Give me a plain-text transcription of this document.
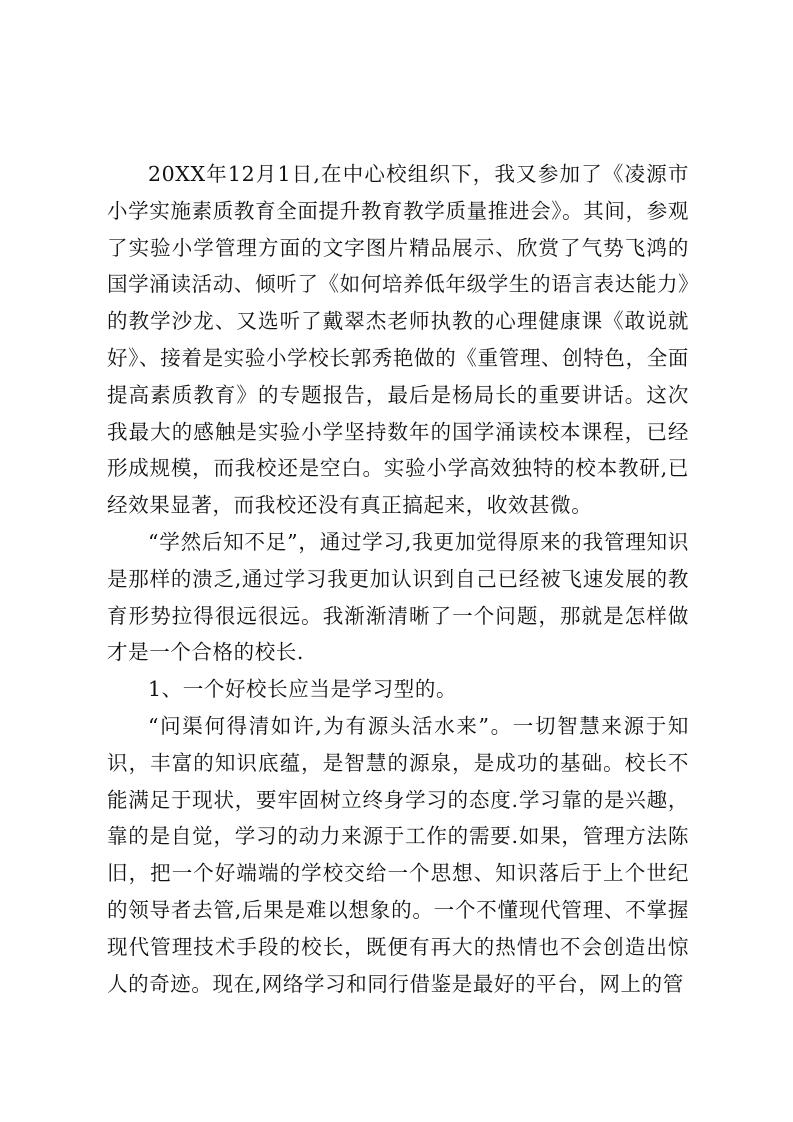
20XX年12月1日,在中心校组织下，我又参加了《凌源市小学实施素质教育全面提升教育教学质量推进会》。其间，参观了实验小学管理方面的文字图片精品展示、欣赏了气势飞鸿的国学涌读活动、倾听了《如何培养低年级学生的语言表达能力》的教学沙龙、又选听了戴翠杰老师执教的心理健康课《敢说就好》、接着是实验小学校长郭秀艳做的《重管理、创特色，全面提高素质教育》的专题报告，最后是杨局长的重要讲话。这次我最大的感触是实验小学坚持数年的国学涌读校本课程，已经形成规模，而我校还是空白。实验小学高效独特的校本教研,已经效果显著，而我校还没有真正搞起来，收效甚微。

“学然后知不足”，通过学习,我更加觉得原来的我管理知识是那样的溃乏,通过学习我更加认识到自己已经被飞速发展的教育形势拉得很远很远。我渐渐清晰了一个问题，那就是怎样做才是一个合格的校长.

1、一个好校长应当是学习型的。

“问渠何得清如许,为有源头活水来”。一切智慧来源于知识，丰富的知识底蕴，是智慧的源泉，是成功的基础。校长不能满足于现状，要牢固树立终身学习的态度.学习靠的是兴趣，靠的是自觉，学习的动力来源于工作的需要.如果，管理方法陈旧，把一个好端端的学校交给一个思想、知识落后于上个世纪的领导者去管,后果是难以想象的。一个不懂现代管理、不掌握现代管理技术手段的校长，既便有再大的热情也不会创造出惊人的奇迹。现在,网络学习和同行借鉴是最好的平台，网上的管
